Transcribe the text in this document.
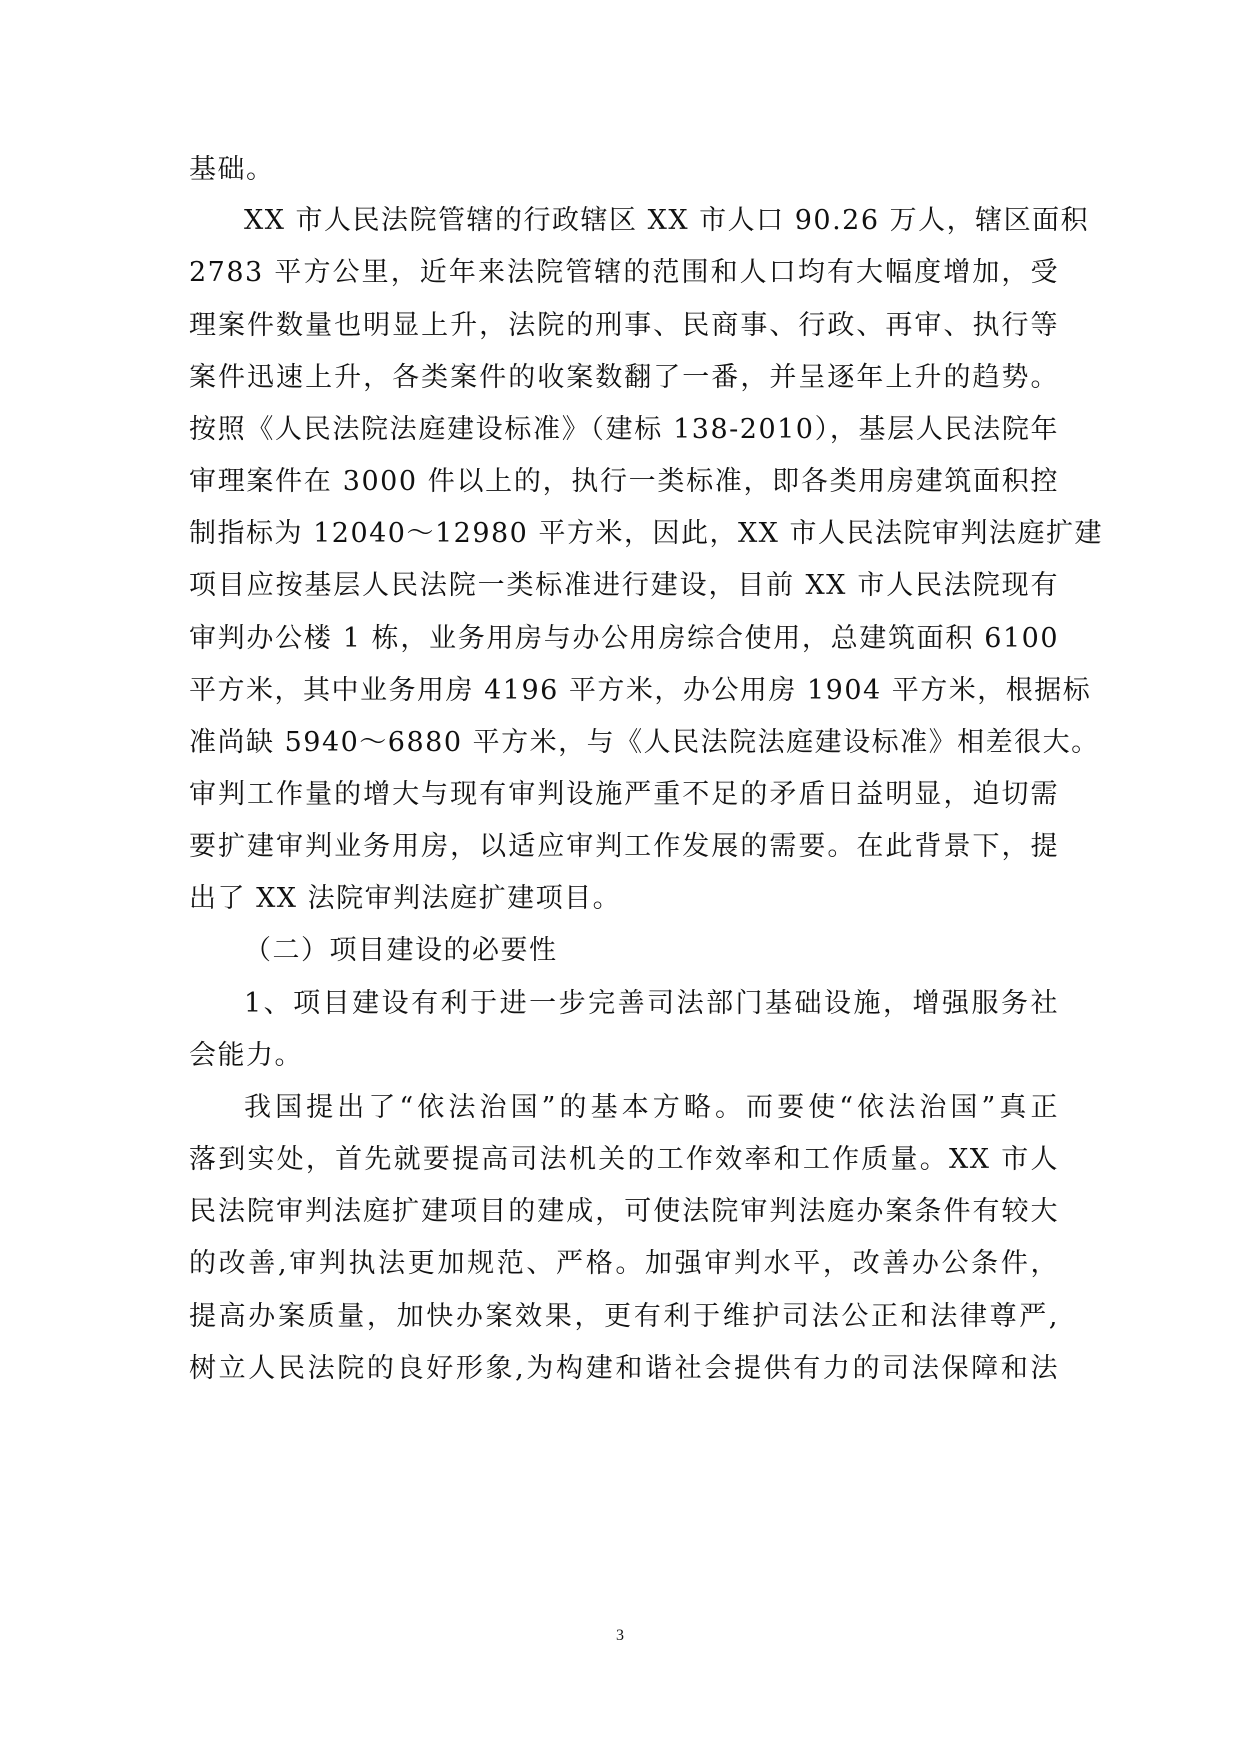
基础。
XX 市人民法院管辖的行政辖区 XX 市人口 90.26 万人，辖区面积
2783 平方公里，近年来法院管辖的范围和人口均有大幅度增加，受
理案件数量也明显上升，法院的刑事、民商事、行政、再审、执行等
案件迅速上升，各类案件的收案数翻了一番，并呈逐年上升的趋势。
按照《人民法院法庭建设标准》（建标 138-2010），基层人民法院年
审理案件在 3000 件以上的，执行一类标准，即各类用房建筑面积控
制指标为 12040～12980 平方米，因此，XX 市人民法院审判法庭扩建
项目应按基层人民法院一类标准进行建设，目前 XX 市人民法院现有
审判办公楼 1 栋，业务用房与办公用房综合使用，总建筑面积 6100
平方米，其中业务用房 4196 平方米，办公用房 1904 平方米，根据标
准尚缺 5940～6880 平方米，与《人民法院法庭建设标准》相差很大。
审判工作量的增大与现有审判设施严重不足的矛盾日益明显，迫切需
要扩建审判业务用房，以适应审判工作发展的需要。在此背景下，提
出了 XX 法院审判法庭扩建项目。
（二）项目建设的必要性
1、项目建设有利于进一步完善司法部门基础设施，增强服务社
会能力。
我国提出了“依法治国”的基本方略。而要使“依法治国”真正
落到实处，首先就要提高司法机关的工作效率和工作质量。XX 市人
民法院审判法庭扩建项目的建成，可使法院审判法庭办案条件有较大
的改善,审判执法更加规范、严格。加强审判水平，改善办公条件，
提高办案质量，加快办案效果，更有利于维护司法公正和法律尊严,
树立人民法院的良好形象,为构建和谐社会提供有力的司法保障和法
3
